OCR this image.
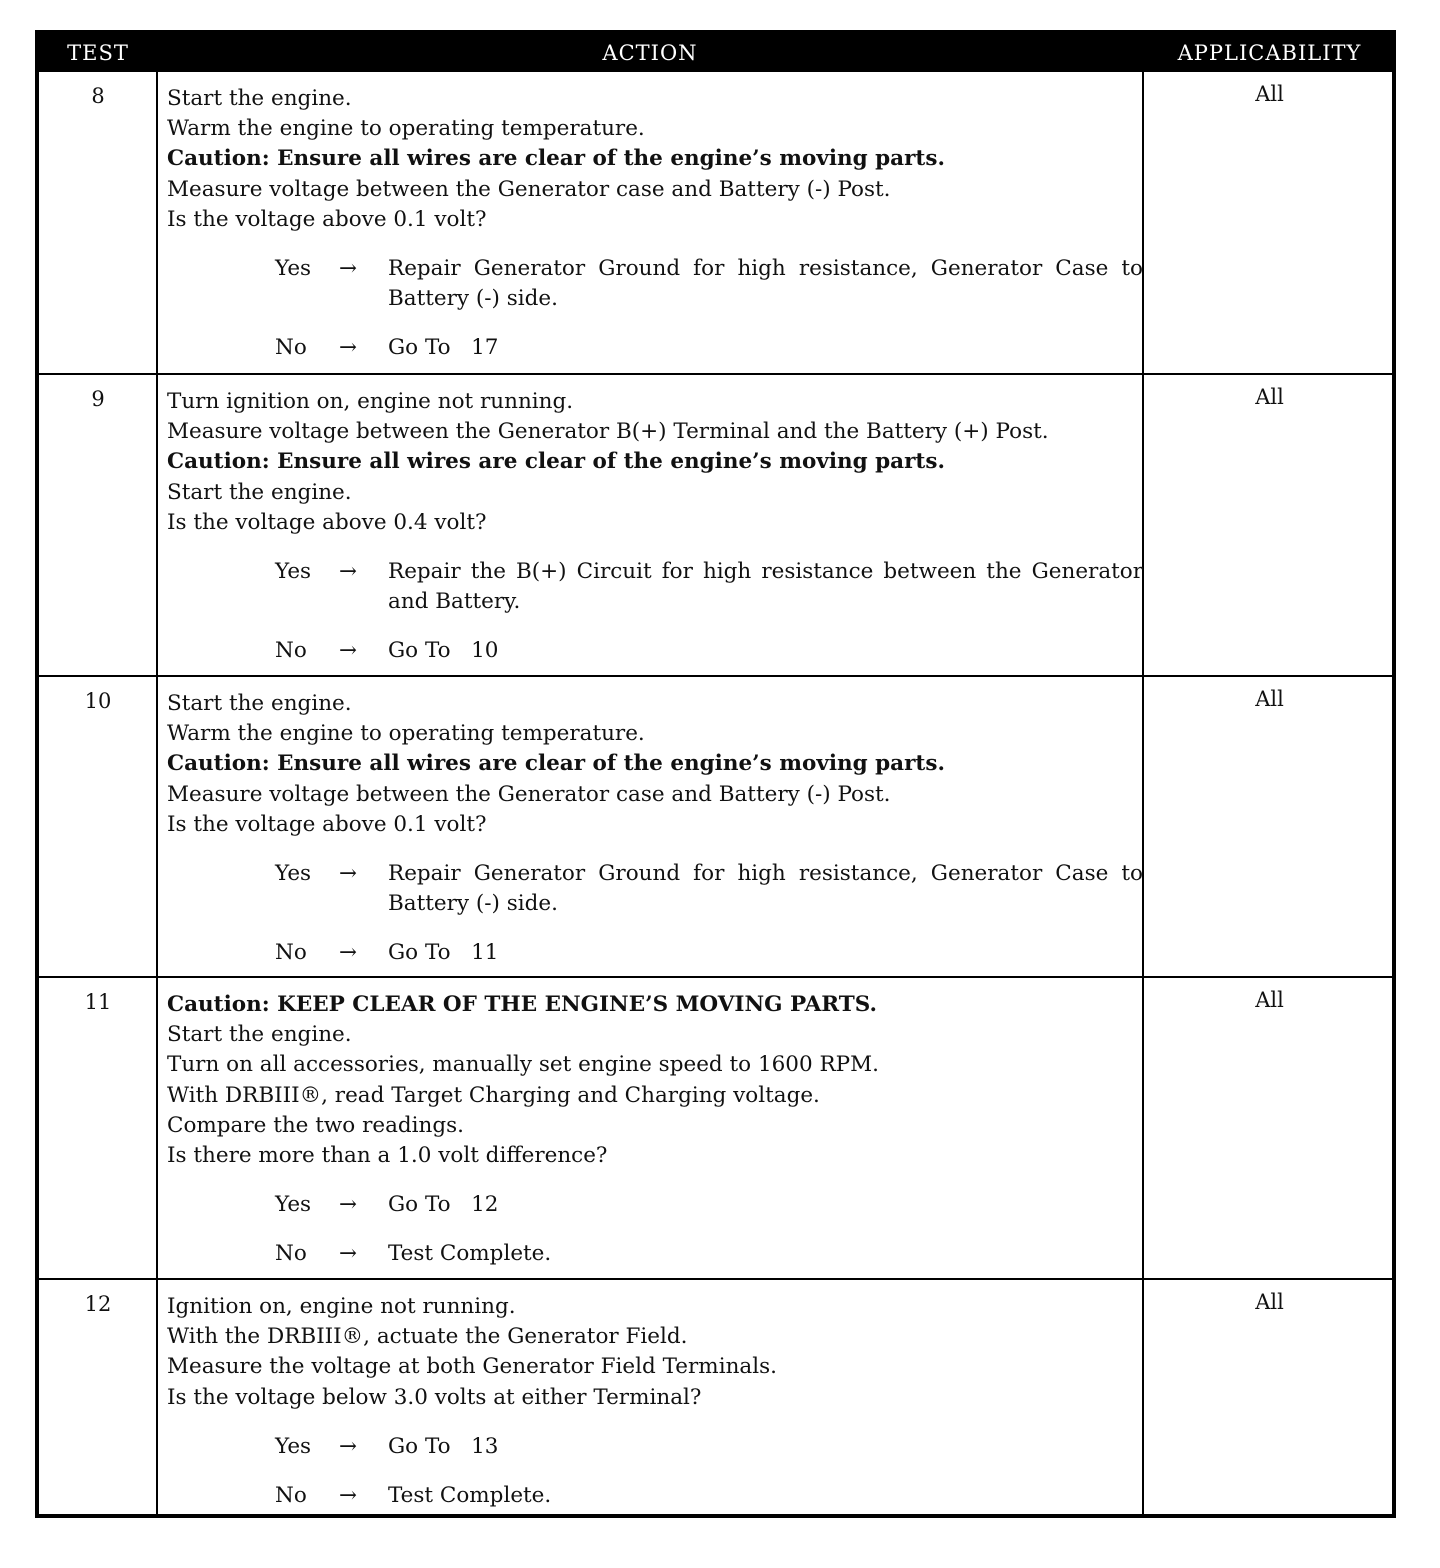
TEST	ACTION	APPLICABILITY
8	Start the engine.
Warm the engine to operating temperature.
Caution: Ensure all wires are clear of the engine’s moving parts.
Measure voltage between the Generator case and Battery (-) Post.
Is the voltage above 0.1 volt?
Yes → Repair Generator Ground for high resistance, Generator Case to Battery (-) side.
No → Go To   17
All
9	Turn ignition on, engine not running.
Measure voltage between the Generator B(+) Terminal and the Battery (+) Post.
Caution: Ensure all wires are clear of the engine’s moving parts.
Start the engine.
Is the voltage above 0.4 volt?
Yes → Repair the B(+) Circuit for high resistance between the Generator and Battery.
No → Go To   10
All
10	Start the engine.
Warm the engine to operating temperature.
Caution: Ensure all wires are clear of the engine’s moving parts.
Measure voltage between the Generator case and Battery (-) Post.
Is the voltage above 0.1 volt?
Yes → Repair Generator Ground for high resistance, Generator Case to Battery (-) side.
No → Go To   11
All
11	Caution: KEEP CLEAR OF THE ENGINE’S MOVING PARTS.
Start the engine.
Turn on all accessories, manually set engine speed to 1600 RPM.
With DRBIII®, read Target Charging and Charging voltage.
Compare the two readings.
Is there more than a 1.0 volt difference?
Yes → Go To   12
No → Test Complete.
All
12	Ignition on, engine not running.
With the DRBIII®, actuate the Generator Field.
Measure the voltage at both Generator Field Terminals.
Is the voltage below 3.0 volts at either Terminal?
Yes → Go To   13
No → Test Complete.
All
